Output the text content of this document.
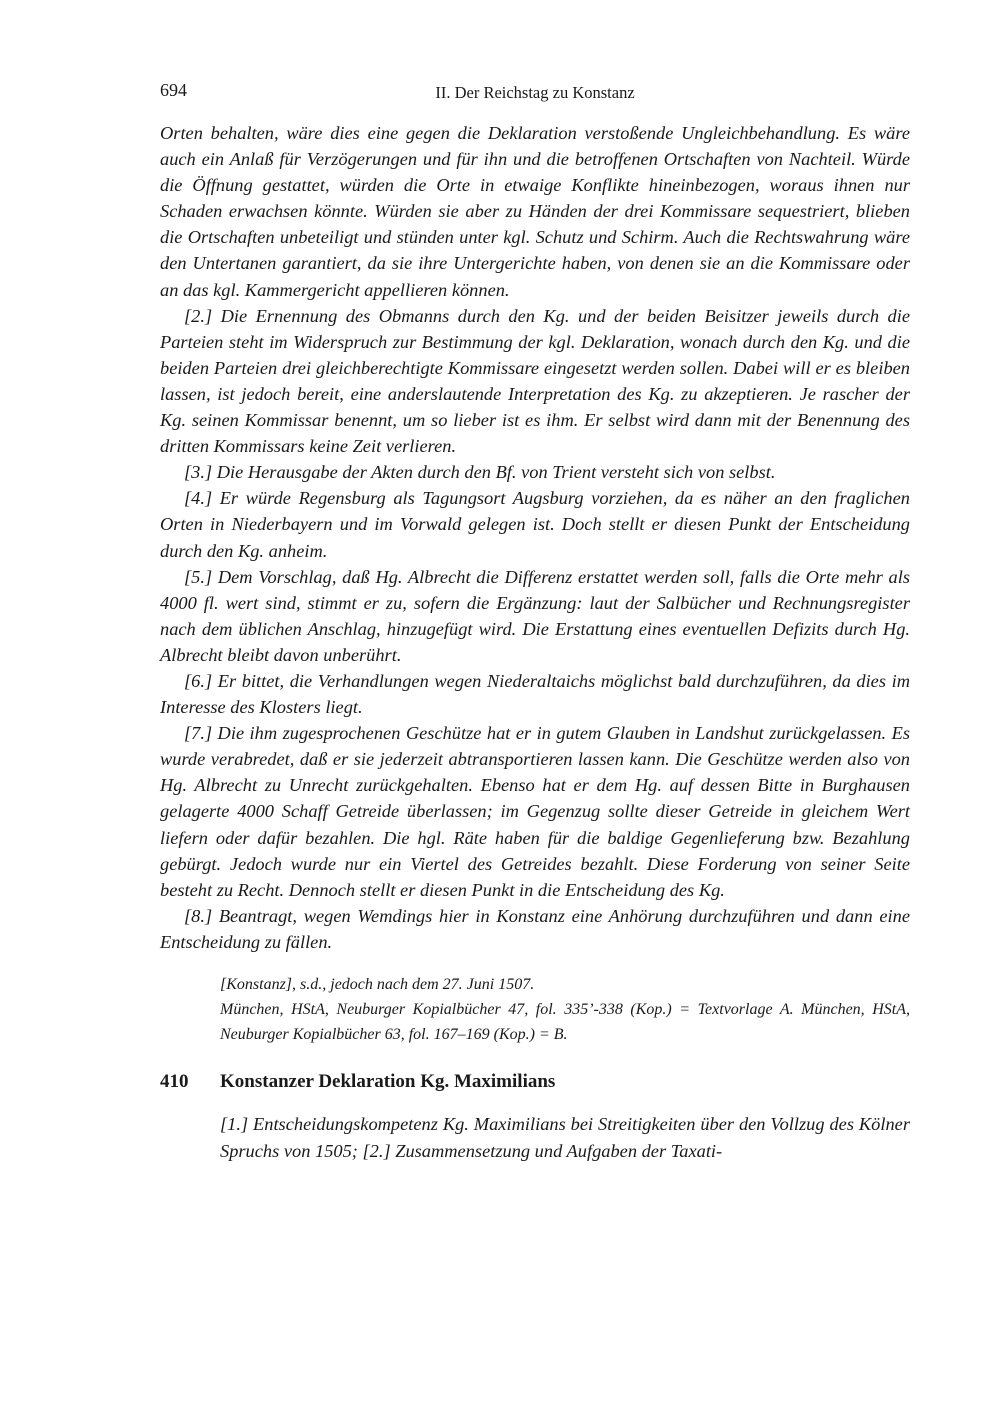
694	II. Der Reichstag zu Konstanz

Orten behalten, wäre dies eine gegen die Deklaration verstoßende Ungleichbehandlung. Es wäre auch ein Anlaß für Verzögerungen und für ihn und die betroffenen Ortschaften von Nachteil. Würde die Öffnung gestattet, würden die Orte in etwaige Konflikte hineinbezogen, woraus ihnen nur Schaden erwachsen könnte. Würden sie aber zu Händen der drei Kommissare sequestriert, blieben die Ortschaften unbeteiligt und stünden unter kgl. Schutz und Schirm. Auch die Rechtswahrung wäre den Untertanen garantiert, da sie ihre Untergerichte haben, von denen sie an die Kommissare oder an das kgl. Kammergericht appellieren können.

[2.] Die Ernennung des Obmanns durch den Kg. und der beiden Beisitzer jeweils durch die Parteien steht im Widerspruch zur Bestimmung der kgl. Deklaration, wonach durch den Kg. und die beiden Parteien drei gleichberechtigte Kommissare eingesetzt werden sollen. Dabei will er es bleiben lassen, ist jedoch bereit, eine anderslautende Interpretation des Kg. zu akzeptieren. Je rascher der Kg. seinen Kommissar benennt, um so lieber ist es ihm. Er selbst wird dann mit der Benennung des dritten Kommissars keine Zeit verlieren.

[3.] Die Herausgabe der Akten durch den Bf. von Trient versteht sich von selbst.

[4.] Er würde Regensburg als Tagungsort Augsburg vorziehen, da es näher an den fraglichen Orten in Niederbayern und im Vorwald gelegen ist. Doch stellt er diesen Punkt der Entscheidung durch den Kg. anheim.

[5.] Dem Vorschlag, daß Hg. Albrecht die Differenz erstattet werden soll, falls die Orte mehr als 4000 fl. wert sind, stimmt er zu, sofern die Ergänzung: laut der Salbücher und Rechnungsregister nach dem üblichen Anschlag, hinzugefügt wird. Die Erstattung eines eventuellen Defizits durch Hg. Albrecht bleibt davon unberührt.

[6.] Er bittet, die Verhandlungen wegen Niederaltaichs möglichst bald durchzuführen, da dies im Interesse des Klosters liegt.

[7.] Die ihm zugesprochenen Geschütze hat er in gutem Glauben in Landshut zurückgelassen. Es wurde verabredet, daß er sie jederzeit abtransportieren lassen kann. Die Geschütze werden also von Hg. Albrecht zu Unrecht zurückgehalten. Ebenso hat er dem Hg. auf dessen Bitte in Burghausen gelagerte 4000 Schaff Getreide überlassen; im Gegenzug sollte dieser Getreide in gleichem Wert liefern oder dafür bezahlen. Die hgl. Räte haben für die baldige Gegenlieferung bzw. Bezahlung gebürgt. Jedoch wurde nur ein Viertel des Getreides bezahlt. Diese Forderung von seiner Seite besteht zu Recht. Dennoch stellt er diesen Punkt in die Entscheidung des Kg.

[8.] Beantragt, wegen Wemdings hier in Konstanz eine Anhörung durchzuführen und dann eine Entscheidung zu fällen.

[Konstanz], s.d., jedoch nach dem 27. Juni 1507.

München, HStA, Neuburger Kopialbücher 47, fol. 335’-338 (Kop.) = Textvorlage A. München, HStA, Neuburger Kopialbücher 63, fol. 167–169 (Kop.) = B.

410	Konstanzer Deklaration Kg. Maximilians

[1.] Entscheidungskompetenz Kg. Maximilians bei Streitigkeiten über den Vollzug des Kölner Spruchs von 1505; [2.] Zusammensetzung und Aufgaben der Taxati-
